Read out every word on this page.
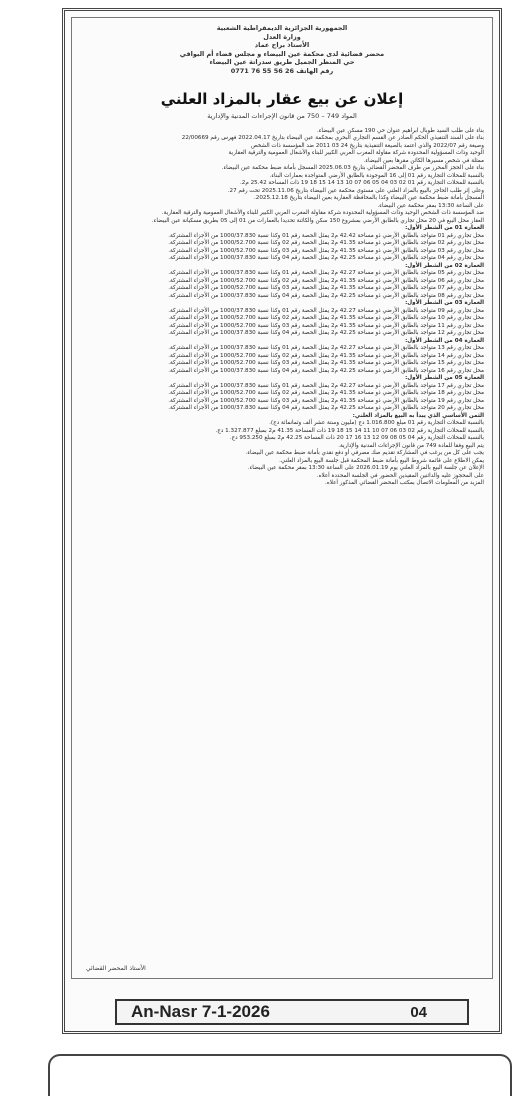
الجمهورية الجزائرية الديمقراطية الشعبية
وزارة العدل
الأستاذ براح عماد
محضر قضائية لدى محكمة عين البيضاء و مجلس قضاء أم البواقي
حي المنظر الجميل طريق سدراتة عين البيضاء
رقم الهاتف 26 56 55 76 0771
إعلان عن بيع عقار بالمزاد العلني
المواد 749 – 750 من قانون الإجراءات المدنية والإدارية

بناء على طلب السيد طوبال ابراهيم عنوان حي 190 مسكن عين البيضاء.

بناء على السند التنفيذي الحكم الصادر عن القسم التجاري البحري بمحكمة عين البيضاء بتاريخ 2022.04.17 فهرس رقم 22/00669

وصيغة رقم 2022/07 والذي اعتمد بالصيغة التنفيذية بتاريخ 24 03 2011 ضد المؤسسة ذات الشخص

الوحيد وذات المسؤولية المحدودة شركة مقاولة المغرب العربي الكبير للبناء والأشغال العمومية والترقية العقارية

ممثلة في شخص مسيرها الكائن مقرها بعين البيضاء.

بناء على الحجز المحرر من طرف المحضر القضائي بتاريخ 2025.06.03 المسجل بأمانة ضبط محكمة عين البيضاء.

بالنسبة للمحلات التجارية رقم 01 إلى 16 الموجودة بالطابق الأرضي المتواجدة بعمارات البناء.

بالنسبة للمحلات التجارية رقم 01 02 03 04 05 06 07 10 13 14 15 18 19 ذات المساحة 25.42 م2.

وعلى إثر طلب الحاجز بالبيع بالمزاد العلني على مستوى محكمة عين البيضاء بتاريخ 2025.11.06 تحت رقم 27.

المسجل بأمانة ضبط محكمة عين البيضاء وكذا بالمحافظة العقارية بعين البيضاء بتاريخ 2025.12.18.

على الساعة 13:30 بمقر محكمة عين البيضاء.

ضد المؤسسة ذات الشخص الوحيد وذات المسؤولية المحدودة شركة مقاولة المغرب العربي الكبير للبناء والأشغال العمومية والترقية العقارية.

العقار محل البيع في 20 محل تجاري بالطابق الأرضي بمشروع 150 سكن والكائنة تحديدا بالعمارات من 01 إلى 05 بطريق مسكيانة عين البيضاء.

العمارة 01 من الشطر الأول:

محل تجاري رقم 01 متواجد بالطابق الأرضي ذو مساحة 42.42 م2 يمثل الحصة رقم 01 وكذا نسبة 1000/37.830 من الأجزاء المشتركة.

محل تجاري رقم 02 متواجد بالطابق الأرضي ذو مساحة 41.35 م2 يمثل الحصة رقم 02 وكذا نسبة 1000/52.700 من الأجزاء المشتركة.

محل تجاري رقم 03 متواجد بالطابق الأرضي ذو مساحة 41.35 م2 يمثل الحصة رقم 03 وكذا نسبة 1000/52.700 من الأجزاء المشتركة.

محل تجاري رقم 04 متواجد بالطابق الأرضي ذو مساحة 42.25 م2 يمثل الحصة رقم 04 وكذا نسبة 1000/37.830 من الأجزاء المشتركة.

العمارة 02 من الشطر الأول:

محل تجاري رقم 05 متواجد بالطابق الأرضي ذو مساحة 42.27 م2 يمثل الحصة رقم 01 وكذا نسبة 1000/37.830 من الأجزاء المشتركة.

محل تجاري رقم 06 متواجد بالطابق الأرضي ذو مساحة 41.35 م2 يمثل الحصة رقم 02 وكذا نسبة 1000/52.700 من الأجزاء المشتركة.

محل تجاري رقم 07 متواجد بالطابق الأرضي ذو مساحة 41.35 م2 يمثل الحصة رقم 03 وكذا نسبة 1000/52.700 من الأجزاء المشتركة.

محل تجاري رقم 08 متواجد بالطابق الأرضي ذو مساحة 42.25 م2 يمثل الحصة رقم 04 وكذا نسبة 1000/37.830 من الأجزاء المشتركة.

العمارة 03 من الشطر الأول:

محل تجاري رقم 09 متواجد بالطابق الأرضي ذو مساحة 42.27 م2 يمثل الحصة رقم 01 وكذا نسبة 1000/37.830 من الأجزاء المشتركة.

محل تجاري رقم 10 متواجد بالطابق الأرضي ذو مساحة 41.35 م2 يمثل الحصة رقم 02 وكذا نسبة 1000/52.700 من الأجزاء المشتركة.

محل تجاري رقم 11 متواجد بالطابق الأرضي ذو مساحة 41.35 م2 يمثل الحصة رقم 03 وكذا نسبة 1000/52.700 من الأجزاء المشتركة.

محل تجاري رقم 12 متواجد بالطابق الأرضي ذو مساحة 42.25 م2 يمثل الحصة رقم 04 وكذا نسبة 1000/37.830 من الأجزاء المشتركة.

العمارة 04 من الشطر الأول:

محل تجاري رقم 13 متواجد بالطابق الأرضي ذو مساحة 42.27 م2 يمثل الحصة رقم 01 وكذا نسبة 1000/37.830 من الأجزاء المشتركة.

محل تجاري رقم 14 متواجد بالطابق الأرضي ذو مساحة 41.35 م2 يمثل الحصة رقم 02 وكذا نسبة 1000/52.700 من الأجزاء المشتركة.

محل تجاري رقم 15 متواجد بالطابق الأرضي ذو مساحة 41.35 م2 يمثل الحصة رقم 03 وكذا نسبة 1000/52.700 من الأجزاء المشتركة.

محل تجاري رقم 16 متواجد بالطابق الأرضي ذو مساحة 42.25 م2 يمثل الحصة رقم 04 وكذا نسبة 1000/37.830 من الأجزاء المشتركة.

العمارة 05 من الشطر الأول:

محل تجاري رقم 17 متواجد بالطابق الأرضي ذو مساحة 42.27 م2 يمثل الحصة رقم 01 وكذا نسبة 1000/37.830 من الأجزاء المشتركة.

محل تجاري رقم 18 متواجد بالطابق الأرضي ذو مساحة 41.35 م2 يمثل الحصة رقم 02 وكذا نسبة 1000/52.700 من الأجزاء المشتركة.

محل تجاري رقم 19 متواجد بالطابق الأرضي ذو مساحة 41.35 م2 يمثل الحصة رقم 03 وكذا نسبة 1000/52.700 من الأجزاء المشتركة.

محل تجاري رقم 20 متواجد بالطابق الأرضي ذو مساحة 42.25 م2 يمثل الحصة رقم 04 وكذا نسبة 1000/37.830 من الأجزاء المشتركة.

الثمن الأساسي الذي يبدأ به البيع بالمزاد العلني:

بالنسبة للمحلات التجارية رقم 01 مبلغ 1.016.800 دج (مليون وستة عشر ألف وثمانمائة دج).

بالنسبة للمحلات التجارية رقم 02 03 06 07 10 11 14 15 18 19 ذات المساحة 41.35 م2 بمبلغ 1.327.877 دج.

بالنسبة للمحلات التجارية رقم 04 05 08 09 12 13 16 17 20 ذات المساحة 42.25 م2 بمبلغ 953.250 دج.

يتم البيع وفقا للمادة 749 من قانون الإجراءات المدنية والإدارية.

يجب على كل من يرغب في المشاركة تقديم صك مصرفي أو دفع نقدي بأمانة ضبط محكمة عين البيضاء.

يمكن الاطلاع على قائمة شروط البيع بأمانة ضبط المحكمة قبل جلسة البيع بالمزاد العلني.

الإعلان عن جلسة البيع بالمزاد العلني يوم 2026.01.19 على الساعة 13:30 بمقر محكمة عين البيضاء.

على المحجوز عليه والدائنين المقيدين الحضور في الجلسة المحددة أعلاه.

المزيد من المعلومات الاتصال بمكتب المحضر القضائي المذكور أعلاه.

الأستاذ المحضر القضائي
An-Nasr 7-1-2026	04
